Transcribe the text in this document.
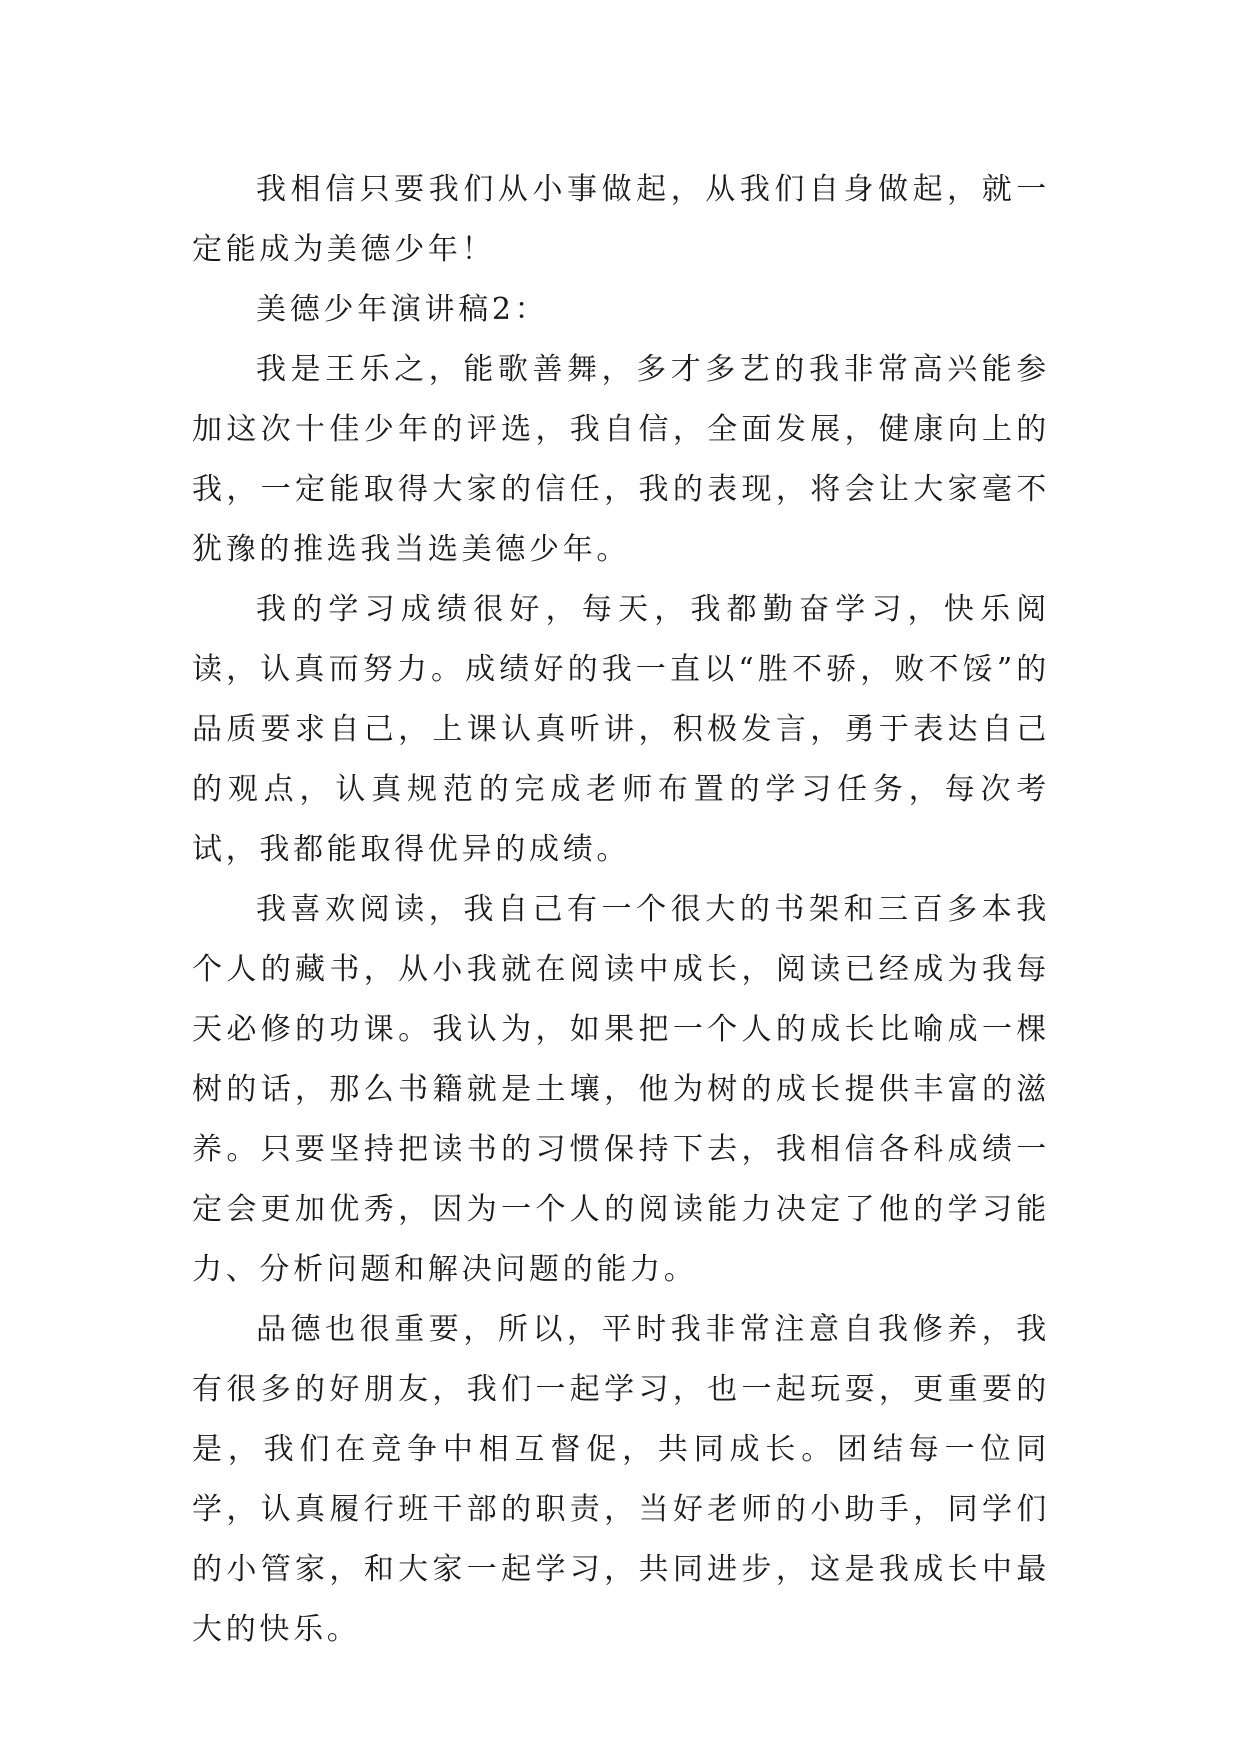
我相信只要我们从小事做起，从我们自身做起，就一定能成为美德少年！

美德少年演讲稿2：

我是王乐之，能歌善舞，多才多艺的我非常高兴能参加这次十佳少年的评选，我自信，全面发展，健康向上的我，一定能取得大家的信任，我的表现，将会让大家毫不犹豫的推选我当选美德少年。

我的学习成绩很好，每天，我都勤奋学习，快乐阅读，认真而努力。成绩好的我一直以“胜不骄，败不馁”的品质要求自己，上课认真听讲，积极发言，勇于表达自己的观点，认真规范的完成老师布置的学习任务，每次考试，我都能取得优异的成绩。

我喜欢阅读，我自己有一个很大的书架和三百多本我个人的藏书，从小我就在阅读中成长，阅读已经成为我每天必修的功课。我认为，如果把一个人的成长比喻成一棵树的话，那么书籍就是土壤，他为树的成长提供丰富的滋养。只要坚持把读书的习惯保持下去，我相信各科成绩一定会更加优秀，因为一个人的阅读能力决定了他的学习能力、分析问题和解决问题的能力。

品德也很重要，所以，平时我非常注意自我修养，我有很多的好朋友，我们一起学习，也一起玩耍，更重要的是，我们在竞争中相互督促，共同成长。团结每一位同学，认真履行班干部的职责，当好老师的小助手，同学们的小管家，和大家一起学习，共同进步，这是我成长中最大的快乐。
